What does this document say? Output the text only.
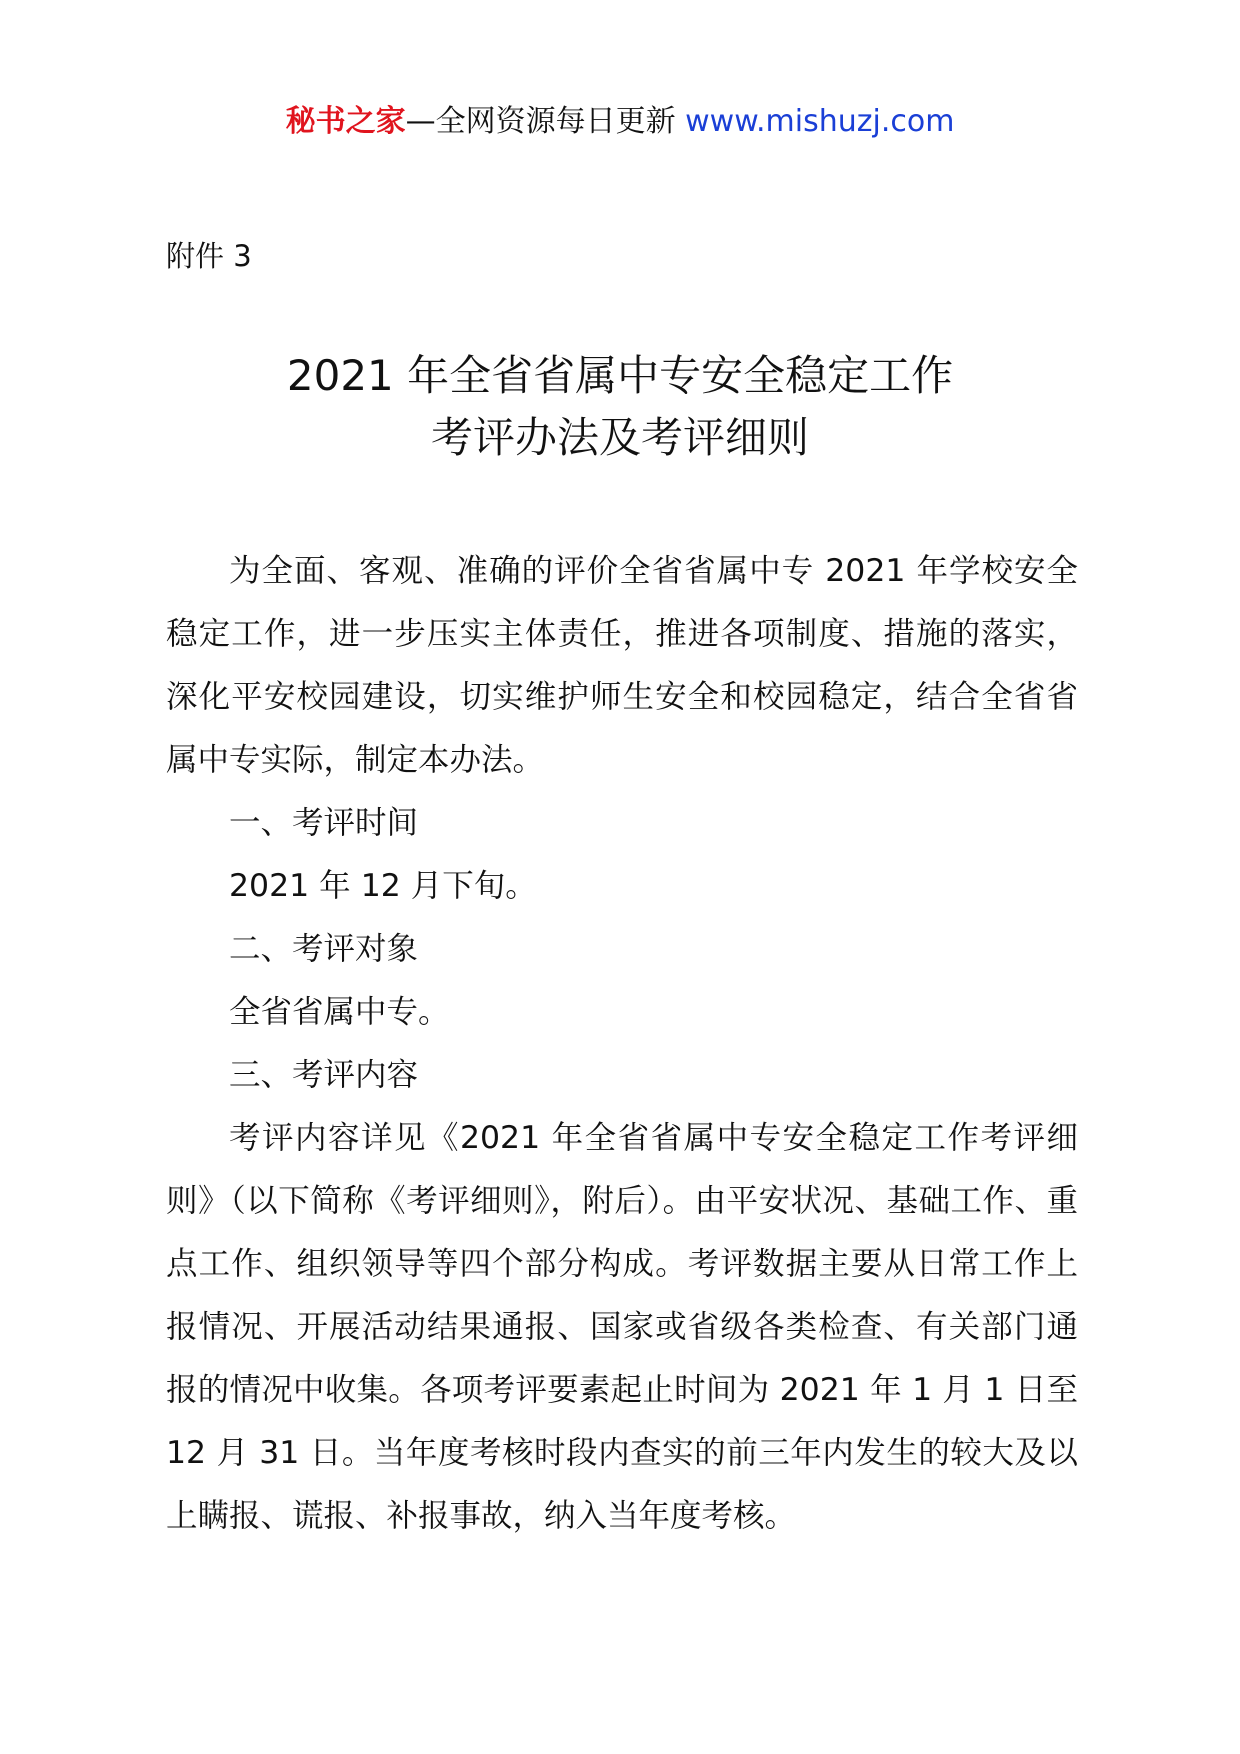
秘书之家—全网资源每日更新 www.mishuzj.com
附件 3
2021 年全省省属中专安全稳定工作
考评办法及考评细则

为全面、客观、准确的评价全省省属中专 2021 年学校安全稳定工作，进一步压实主体责任，推进各项制度、措施的落实，深化平安校园建设，切实维护师生安全和校园稳定，结合全省省属中专实际，制定本办法。

一、考评时间

2021 年 12 月下旬。

二、考评对象

全省省属中专。

三、考评内容

考评内容详见《2021 年全省省属中专安全稳定工作考评细则》（以下简称《考评细则》，附后）。由平安状况、基础工作、重点工作、组织领导等四个部分构成。考评数据主要从日常工作上报情况、开展活动结果通报、国家或省级各类检查、有关部门通报的情况中收集。各项考评要素起止时间为 2021 年 1 月 1 日至 12 月 31 日。当年度考核时段内查实的前三年内发生的较大及以上瞒报、谎报、补报事故，纳入当年度考核。
